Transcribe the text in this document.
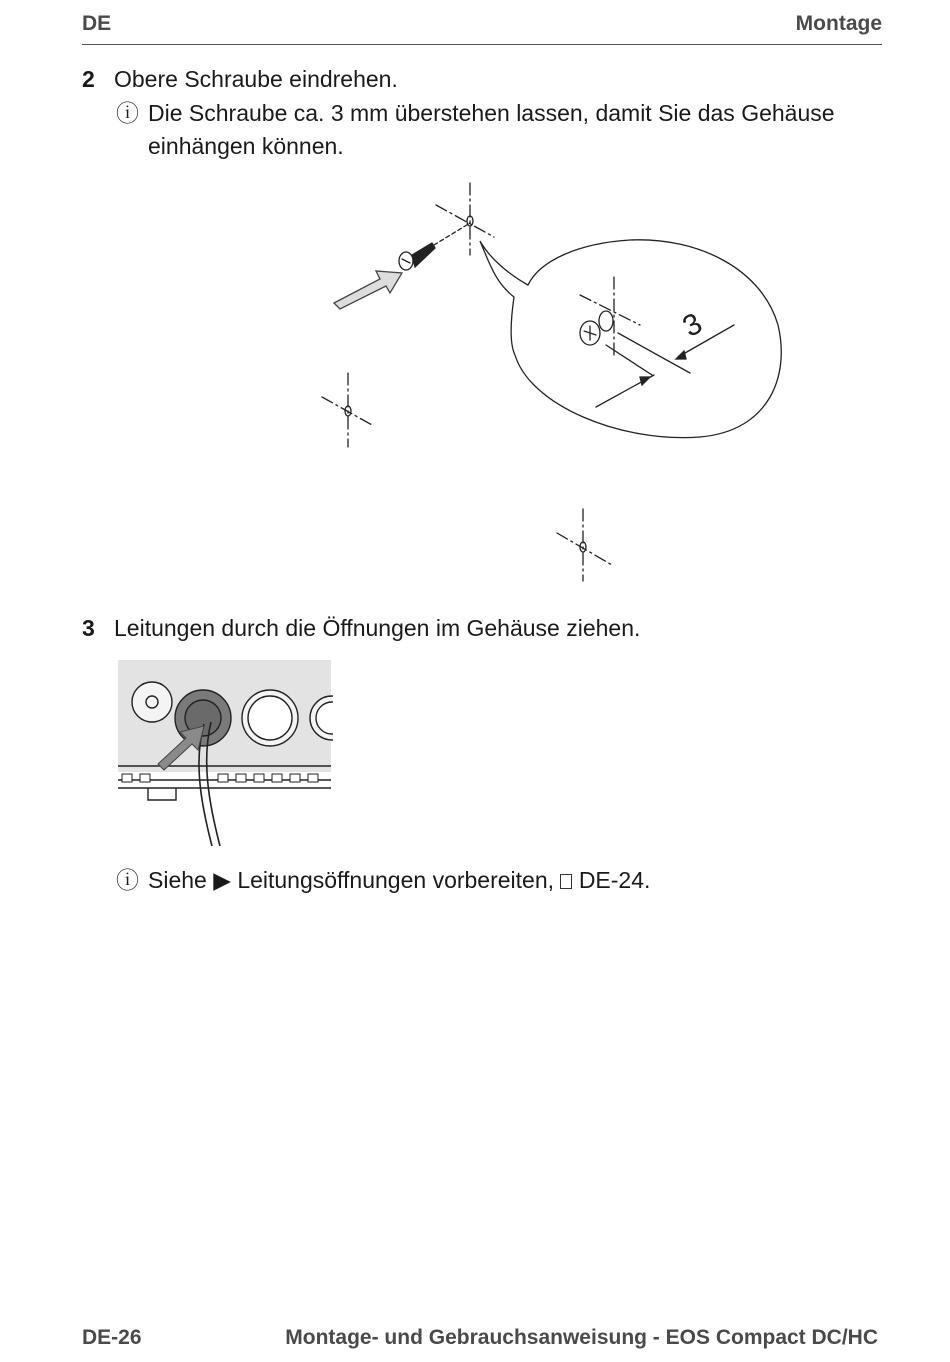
DE	Montage
2 Obere Schraube eindrehen.
ⓘ Die Schraube ca. 3 mm überstehen lassen, damit Sie das Gehäuse
einhängen können.
3
3 Leitungen durch die Öffnungen im Gehäuse ziehen.
ⓘ Siehe ▶ Leitungsöffnungen vorbereiten, DE-24.
DE-26	Montage- und Gebrauchsanweisung - EOS Compact DC/HC
